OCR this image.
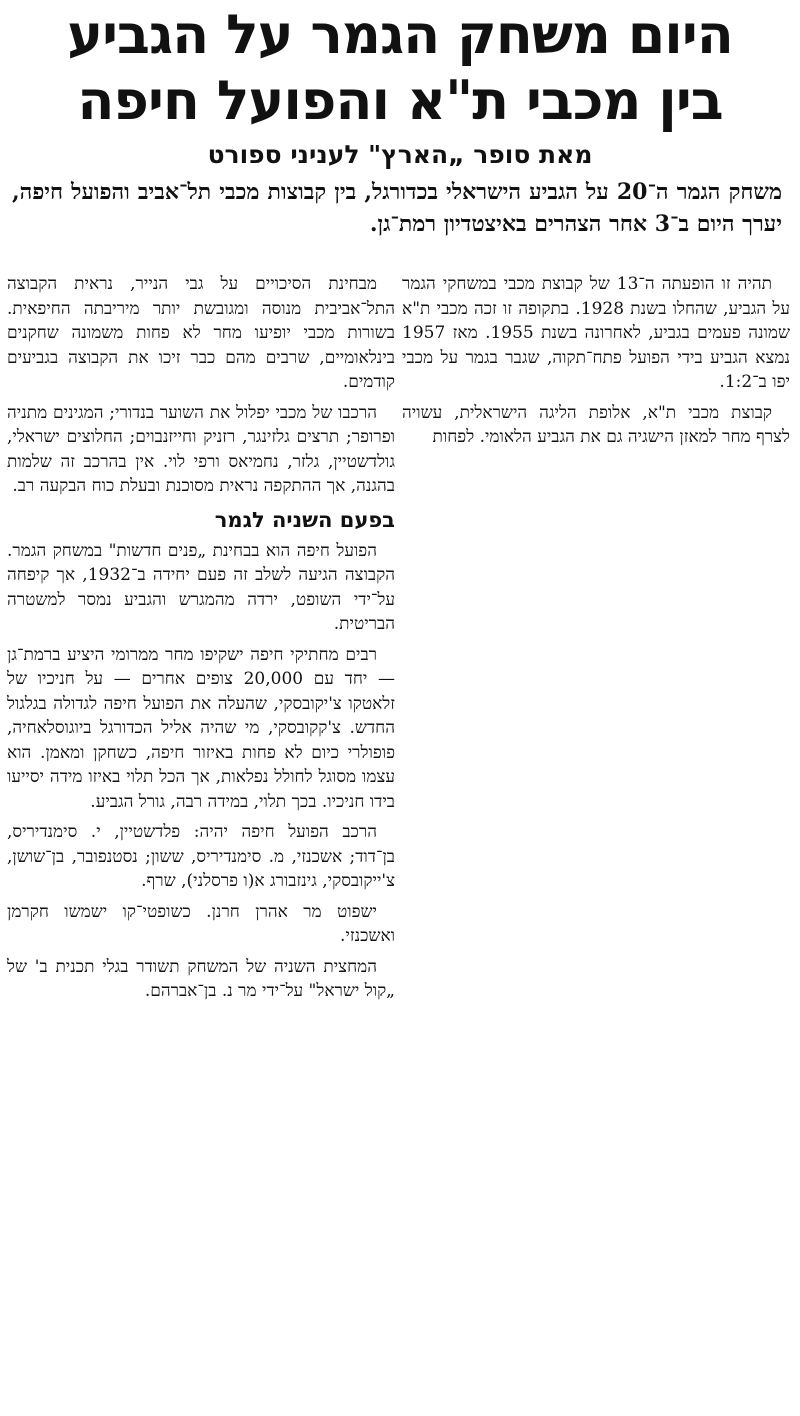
היום משחק הגמר על הגביע
בין מכבי ת"א והפועל חיפה
מאת סופר „הארץ" לעניני ספורט
משחק הגמר ה־20 על הגביע הישראלי בכדורגל, בין קבוצות מכבי תל־אביב והפועל חיפה, יערך היום ב־3 אחר הצהרים באיצטדיון רמת־גן.

תהיה זו הופעתה ה־13 של קבוצת מכבי במשחקי הגמר על הגביע, שהחלו בשנת 1928. בתקופה זו זכה מכבי ת"א שמונה פעמים בגביע, לאחרונה בשנת 1955. מאז 1957 נמצא הגביע בידי הפועל פתח־תקוה, שגבר בגמר על מכבי יפו ב־1:2.

קבוצת מכבי ת"א, אלופת הליגה הישראלית, עשויה לצרף מחר למאזן הישגיה גם את הגביע הלאומי. לפחות

מבחינת הסיכויים על גבי הנייר, נראית הקבוצה התל־אביבית מנוסה ומגובשת יותר מיריבתה החיפאית. בשורות מכבי יופיעו מחר לא פחות משמונה שחקנים בינלאומיים, שרבים מהם כבר זיכו את הקבוצה בגביעים קודמים.

הרכבו של מכבי יפלול את השוער בנדורי; המגינים מתניה ופרופר; תרצים גלזינגר, רזניק וחייזנבוים; החלוצים ישראלי, גולדשטיין, גלזר, נחמיאס ורפי לוי. אין בהרכב זה שלמות בהגנה, אך ההתקפה נראית מסוכנת ובעלת כוח הבקעה רב.

בפעם השניה לגמר

הפועל חיפה הוא בבחינת „פנים חדשות" במשחק הגמר. הקבוצה הגיעה לשלב זה פעם יחידה ב־1932, אך קיפחה על־ידי השופט, ירדה מהמגרש והגביע נמסר למשטרה הבריטית.

רבים מחתיקי חיפה ישקיפו מחר ממרומי היציע ברמת־גן — יחד עם 20,000 צופים אחרים — על חניכיו של זלאטקו צ'יקובסקי, שהעלה את הפועל חיפה לגדולה בגלגול החדש. צ'קקובסקי, מי שהיה אליל הכדורגל ביוגוסלאחיה, פופולרי כיום לא פחות באיזור חיפה, כשחקן ומאמן. הוא עצמו מסוגל לחולל נפלאות, אך הכל תלוי באיזו מידה יסייעו בידו חניכיו. בכך תלוי, במידה רבה, גורל הגביע.

הרכב הפועל חיפה יהיה: פלדשטיין, י. סימנדיריס, בן־דוד; אשכנזי, מ. סימנדיריס, ששון; נסטנפובר, בן־שושן, צ'ייקובסקי, גינזבורג א(ו פרסלני), שרף.

ישפוט מר אהרן חרנן. כשופטי־קו ישמשו חקרמן ואשכנזי.

המחצית השניה של המשחק תשודר בגלי תכנית ב' של „קול ישראל" על־ידי מר נ. בן־אברהם.
